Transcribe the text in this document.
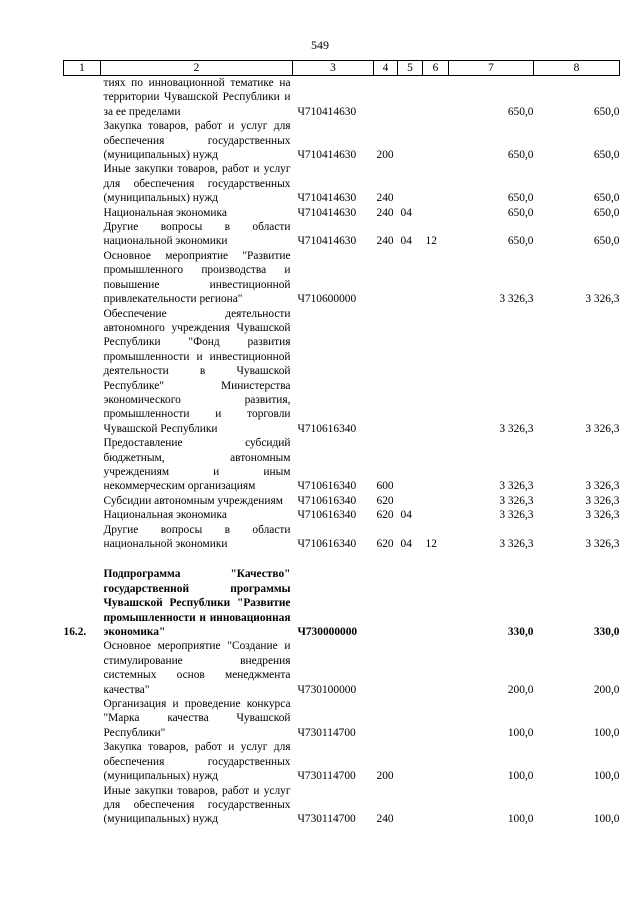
549
1	2	3	4	5	6	7	8
	тиях по инновационной тематике на территории Чувашской Республики и за ее пределами	Ч710414630				650,0	650,0
	Закупка товаров, работ и услуг для обеспечения государственных (муниципальных) нужд	Ч710414630	200			650,0	650,0
	Иные закупки товаров, работ и услуг для обеспечения государственных (муниципальных) нужд	Ч710414630	240			650,0	650,0
	Национальная экономика	Ч710414630	240	04		650,0	650,0
	Другие вопросы в области национальной экономики	Ч710414630	240	04	12	650,0	650,0
	Основное мероприятие "Развитие промышленного производства и повышение инвестиционной привлекательности региона"	Ч710600000				3 326,3	3 326,3
	Обеспечение деятельности автономного учреждения Чувашской Республики "Фонд развития промышленности и инвестиционной деятельности в Чувашской Республике" Министерства экономического развития, промышленности и торговли Чувашской Республики	Ч710616340				3 326,3	3 326,3
	Предоставление субсидий бюджетным, автономным учреждениям и иным некоммерческим организациям	Ч710616340	600			3 326,3	3 326,3
	Субсидии автономным учреждениям	Ч710616340	620			3 326,3	3 326,3
	Национальная экономика	Ч710616340	620	04		3 326,3	3 326,3
	Другие вопросы в области национальной экономики	Ч710616340	620	04	12	3 326,3	3 326,3

16.2.	Подпрограмма "Качество" государственной программы Чувашской Республики "Развитие промышленности и инновационная экономика"	Ч730000000				330,0	330,0
	Основное мероприятие "Создание и стимулирование внедрения системных основ менеджмента качества"	Ч730100000				200,0	200,0
	Организация и проведение конкурса "Марка качества Чувашской Республики"	Ч730114700				100,0	100,0
	Закупка товаров, работ и услуг для обеспечения государственных (муниципальных) нужд	Ч730114700	200			100,0	100,0
	Иные закупки товаров, работ и услуг для обеспечения государственных (муниципальных) нужд	Ч730114700	240			100,0	100,0
